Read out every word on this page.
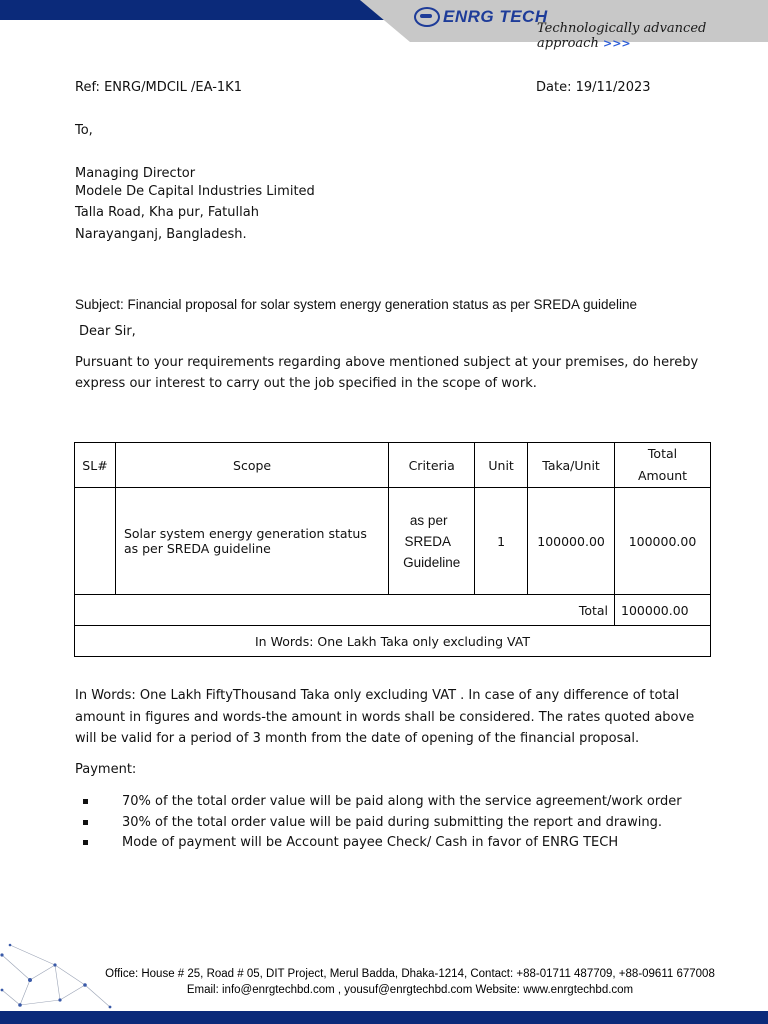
ENRG TECH
Technologically advanced approach >>>
Ref: ENRG/MDCIL /EA-1K1	Date: 19/11/2023
To,
Managing Director
Modele De Capital Industries Limited
Talla Road, Kha pur, Fatullah
Narayanganj, Bangladesh.
Subject: Financial proposal for solar system energy generation status as per SREDA guideline
Dear Sir,
Pursuant to your requirements regarding above mentioned subject at your premises, do hereby express our interest to carry out the job specified in the scope of work.
SL#	Scope	Criteria	Unit	Taka/Unit	Total
Amount

	Solar system energy generation status as per SREDA guideline	as per
SREDA
Guideline	1	100000.00	100000.00
Total					100000.00
In Words: One Lakh Taka only excluding VAT					
In Words: One Lakh FiftyThousand Taka only excluding VAT . In case of any difference of total amount in figures and words-the amount in words shall be considered. The rates quoted above will be valid for a period of 3 month from the date of opening of the financial proposal.
Payment:
70% of the total order value will be paid along with the service agreement/work order
30% of the total order value will be paid during submitting the report and drawing.
Mode of payment will be Account payee Check/ Cash in favor of ENRG TECH
Office: House # 25, Road # 05, DIT Project, Merul Badda, Dhaka-1214, Contact: +88-01711 487709, +88-09611 677008
Email: info@enrgtechbd.com , yousuf@enrgtechbd.com Website: www.enrgtechbd.com
